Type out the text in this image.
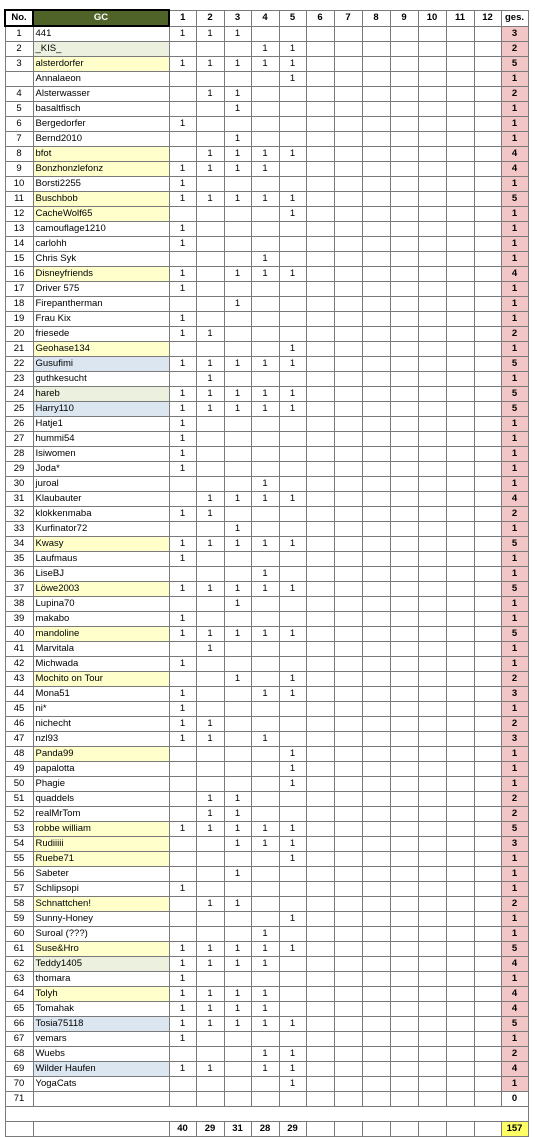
No.	GC	1	2	3	4	5	6	7	8	9	10	11	12	ges.
1	441	1	1	1										3
2	_KIS_				1	1								2
3	alsterdorfer	1	1	1	1	1								5
	Annalaeon					1								1
4	Alsterwasser		1	1										2
5	basaltfisch			1										1
6	Bergedorfer	1												1
7	Bernd2010			1										1
8	bfot		1	1	1	1								4
9	Bonzhonzlefonz	1	1	1	1									4
10	Borsti2255	1												1
11	Buschbob	1	1	1	1	1								5
12	CacheWolf65					1								1
13	camouflage1210	1												1
14	carlohh	1												1
15	Chris Syk				1									1
16	Disneyfriends	1		1	1	1								4
17	Driver 575	1												1
18	Firepantherman			1										1
19	Frau Kix	1												1
20	friesede	1	1											2
21	Geohase134					1								1
22	Gusufimi	1	1	1	1	1								5
23	guthkesucht		1											1
24	hareb	1	1	1	1	1								5
25	Harry110	1	1	1	1	1								5
26	Hatje1	1												1
27	hummi54	1												1
28	Isiwomen	1												1
29	Joda*	1												1
30	juroal				1									1
31	Klaubauter		1	1	1	1								4
32	klokkenmaba	1	1											2
33	Kurfinator72			1										1
34	Kwasy	1	1	1	1	1								5
35	Laufmaus	1												1
36	LiseBJ				1									1
37	Löwe2003	1	1	1	1	1								5
38	Lupina70			1										1
39	makabo	1												1
40	mandoline	1	1	1	1	1								5
41	Marvitala		1											1
42	Michwada	1												1
43	Mochito on Tour			1		1								2
44	Mona51	1			1	1								3
45	ni*	1												1
46	nichecht	1	1											2
47	nzl93	1	1		1									3
48	Panda99					1								1
49	papalotta					1								1
50	Phagie					1								1
51	quaddels		1	1										2
52	realMrTom		1	1										2
53	robbe william	1	1	1	1	1								5
54	Rudiiiii			1	1	1								3
55	Ruebe71					1								1
56	Sabeter			1										1
57	Schlipsopi	1												1
58	Schnattchen!		1	1										2
59	Sunny-Honey					1								1
60	Suroal (???)				1									1
61	Suse&Hro	1	1	1	1	1								5
62	Teddy1405	1	1	1	1									4
63	thomara	1												1
64	Tolyh	1	1	1	1									4
65	Tomahak	1	1	1	1									4
66	Tosia75118	1	1	1	1	1								5
67	vemars	1												1
68	Wuebs				1	1								2
69	Wilder Haufen	1	1		1	1								4
70	YogaCats					1								1
71														0

		40	29	31	28	29								157
